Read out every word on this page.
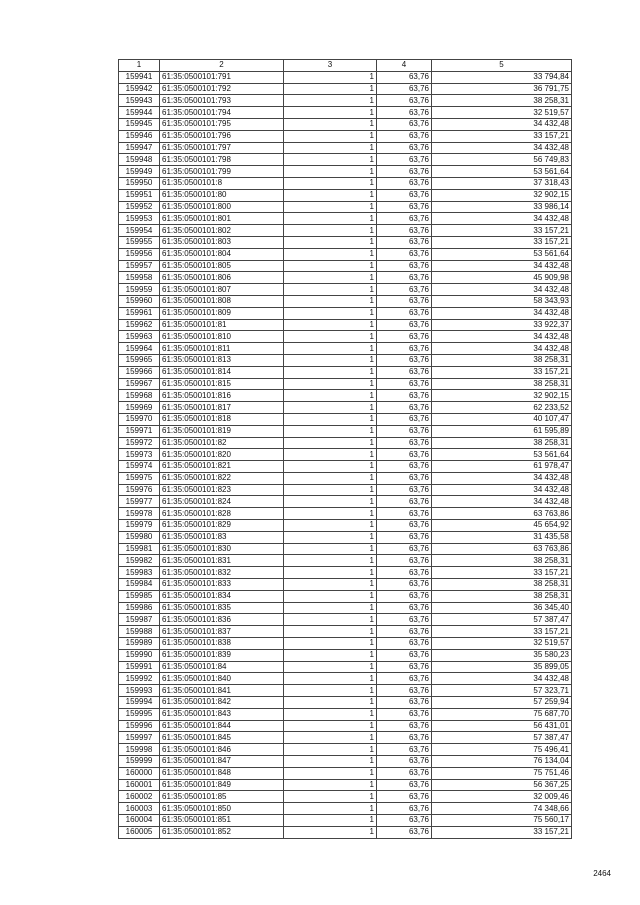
1	2	3	4	5
159941	61:35:0500101:791	1	63,76	33 794,84
159942	61:35:0500101:792	1	63,76	36 791,75
159943	61:35:0500101:793	1	63,76	38 258,31
159944	61:35:0500101:794	1	63,76	32 519,57
159945	61:35:0500101:795	1	63,76	34 432,48
159946	61:35:0500101:796	1	63,76	33 157,21
159947	61:35:0500101:797	1	63,76	34 432,48
159948	61:35:0500101:798	1	63,76	56 749,83
159949	61:35:0500101:799	1	63,76	53 561,64
159950	61:35:0500101:8	1	63,76	37 318,43
159951	61:35:0500101:80	1	63,76	32 902,15
159952	61:35:0500101:800	1	63,76	33 986,14
159953	61:35:0500101:801	1	63,76	34 432,48
159954	61:35:0500101:802	1	63,76	33 157,21
159955	61:35:0500101:803	1	63,76	33 157,21
159956	61:35:0500101:804	1	63,76	53 561,64
159957	61:35:0500101:805	1	63,76	34 432,48
159958	61:35:0500101:806	1	63,76	45 909,98
159959	61:35:0500101:807	1	63,76	34 432,48
159960	61:35:0500101:808	1	63,76	58 343,93
159961	61:35:0500101:809	1	63,76	34 432,48
159962	61:35:0500101:81	1	63,76	33 922,37
159963	61:35:0500101:810	1	63,76	34 432,48
159964	61:35:0500101:811	1	63,76	34 432,48
159965	61:35:0500101:813	1	63,76	38 258,31
159966	61:35:0500101:814	1	63,76	33 157,21
159967	61:35:0500101:815	1	63,76	38 258,31
159968	61:35:0500101:816	1	63,76	32 902,15
159969	61:35:0500101:817	1	63,76	62 233,52
159970	61:35:0500101:818	1	63,76	40 107,47
159971	61:35:0500101:819	1	63,76	61 595,89
159972	61:35:0500101:82	1	63,76	38 258,31
159973	61:35:0500101:820	1	63,76	53 561,64
159974	61:35:0500101:821	1	63,76	61 978,47
159975	61:35:0500101:822	1	63,76	34 432,48
159976	61:35:0500101:823	1	63,76	34 432,48
159977	61:35:0500101:824	1	63,76	34 432,48
159978	61:35:0500101:828	1	63,76	63 763,86
159979	61:35:0500101:829	1	63,76	45 654,92
159980	61:35:0500101:83	1	63,76	31 435,58
159981	61:35:0500101:830	1	63,76	63 763,86
159982	61:35:0500101:831	1	63,76	38 258,31
159983	61:35:0500101:832	1	63,76	33 157,21
159984	61:35:0500101:833	1	63,76	38 258,31
159985	61:35:0500101:834	1	63,76	38 258,31
159986	61:35:0500101:835	1	63,76	36 345,40
159987	61:35:0500101:836	1	63,76	57 387,47
159988	61:35:0500101:837	1	63,76	33 157,21
159989	61:35:0500101:838	1	63,76	32 519,57
159990	61:35:0500101:839	1	63,76	35 580,23
159991	61:35:0500101:84	1	63,76	35 899,05
159992	61:35:0500101:840	1	63,76	34 432,48
159993	61:35:0500101:841	1	63,76	57 323,71
159994	61:35:0500101:842	1	63,76	57 259,94
159995	61:35:0500101:843	1	63,76	75 687,70
159996	61:35:0500101:844	1	63,76	56 431,01
159997	61:35:0500101:845	1	63,76	57 387,47
159998	61:35:0500101:846	1	63,76	75 496,41
159999	61:35:0500101:847	1	63,76	76 134,04
160000	61:35:0500101:848	1	63,76	75 751,46
160001	61:35:0500101:849	1	63,76	56 367,25
160002	61:35:0500101:85	1	63,76	32 009,46
160003	61:35:0500101:850	1	63,76	74 348,66
160004	61:35:0500101:851	1	63,76	75 560,17
160005	61:35:0500101:852	1	63,76	33 157,21
2464
